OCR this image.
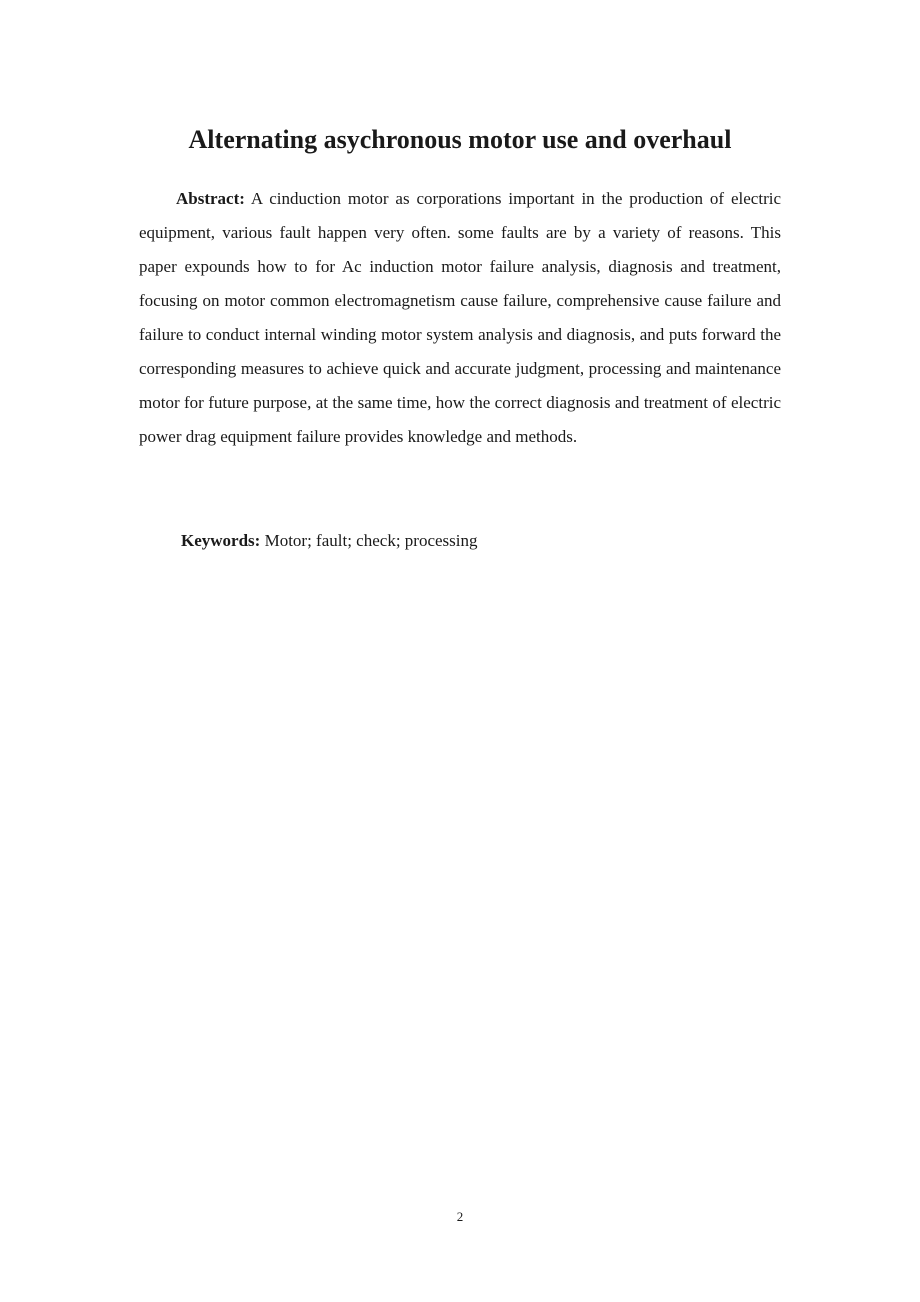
Alternating asychronous motor use and overhaul

Abstract: A cinduction motor as corporations important in the production of electric equipment, various fault happen very often. some faults are by a variety of reasons. This paper expounds how to for Ac induction motor failure analysis, diagnosis and treatment, focusing on motor common electromagnetism cause failure, comprehensive cause failure and failure to conduct internal winding motor system analysis and diagnosis, and puts forward the corresponding measures to achieve quick and accurate judgment, processing and maintenance motor for future purpose, at the same time, how the correct diagnosis and treatment of electric power drag equipment failure provides knowledge and methods.

Keywords: Motor; fault; check; processing

2
